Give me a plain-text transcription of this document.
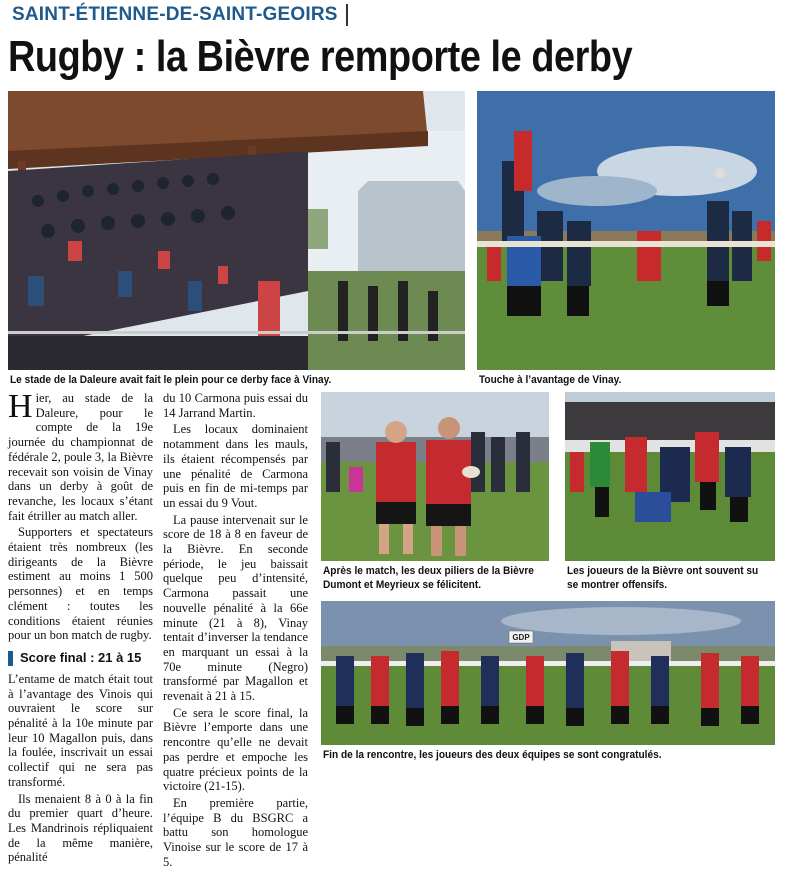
SAINT-ÉTIENNE-DE-SAINT-GEOIRS
Rugby : la Bièvre remporte le derby
Le stade de la Daleure avait fait le plein pour ce derby face à Vinay.	Touche à l’avantage de Vinay.

Hier, au stade de la Daleure, pour le compte de la 19e journée du championnat de fédérale 2, poule 3, la Bièvre recevait son voisin de Vinay dans un derby à goût de revanche, les locaux s’étant fait étriller au match aller.

Supporters et spectateurs étaient très nombreux (les dirigeants de la Bièvre estiment au moins 1 500 personnes) et en temps clément : toutes les conditions étaient réunies pour un bon match de rugby.

Score final : 21 à 15

L’entame de match était tout à l’avantage des Vinois qui ouvraient le score sur pénalité à la 10e minute par leur 10 Magallon puis, dans la foulée, inscrivait un essai collectif qui ne sera pas transformé.

Ils menaient 8 à 0 à la fin du premier quart d’heure. Les Mandrinois répliquaient de la même manière, pénalité

du 10 Carmona puis essai du 14 Jarrand Martin.

Les locaux dominaient notamment dans les mauls, ils étaient récompensés par une pénalité de Carmona puis en fin de mi-temps par un essai du 9 Vout.

La pause intervenait sur le score de 18 à 8 en faveur de la Bièvre. En seconde période, le jeu baissait quelque peu d’intensité, Carmona passait une nouvelle pénalité à la 66e minute (21 à 8), Vinay tentait d’inverser la tendance en marquant un essai à la 70e minute (Negro) transformé par Magallon et revenait à 21 à 15.

Ce sera le score final, la Bièvre l’emporte dans une rencontre qu’elle ne devait pas perdre et empoche les quatre précieux points de la victoire (21-15).

En première partie, l’équipe B du BSGRC a battu son homologue Vinoise sur le score de 17 à 5.

Après le match, les deux piliers de la Bièvre Dumont et Meyrieux se félicitent.
Les joueurs de la Bièvre ont souvent su se montrer offensifs.
GDP
Fin de la rencontre, les joueurs des deux équipes se sont congratulés.
